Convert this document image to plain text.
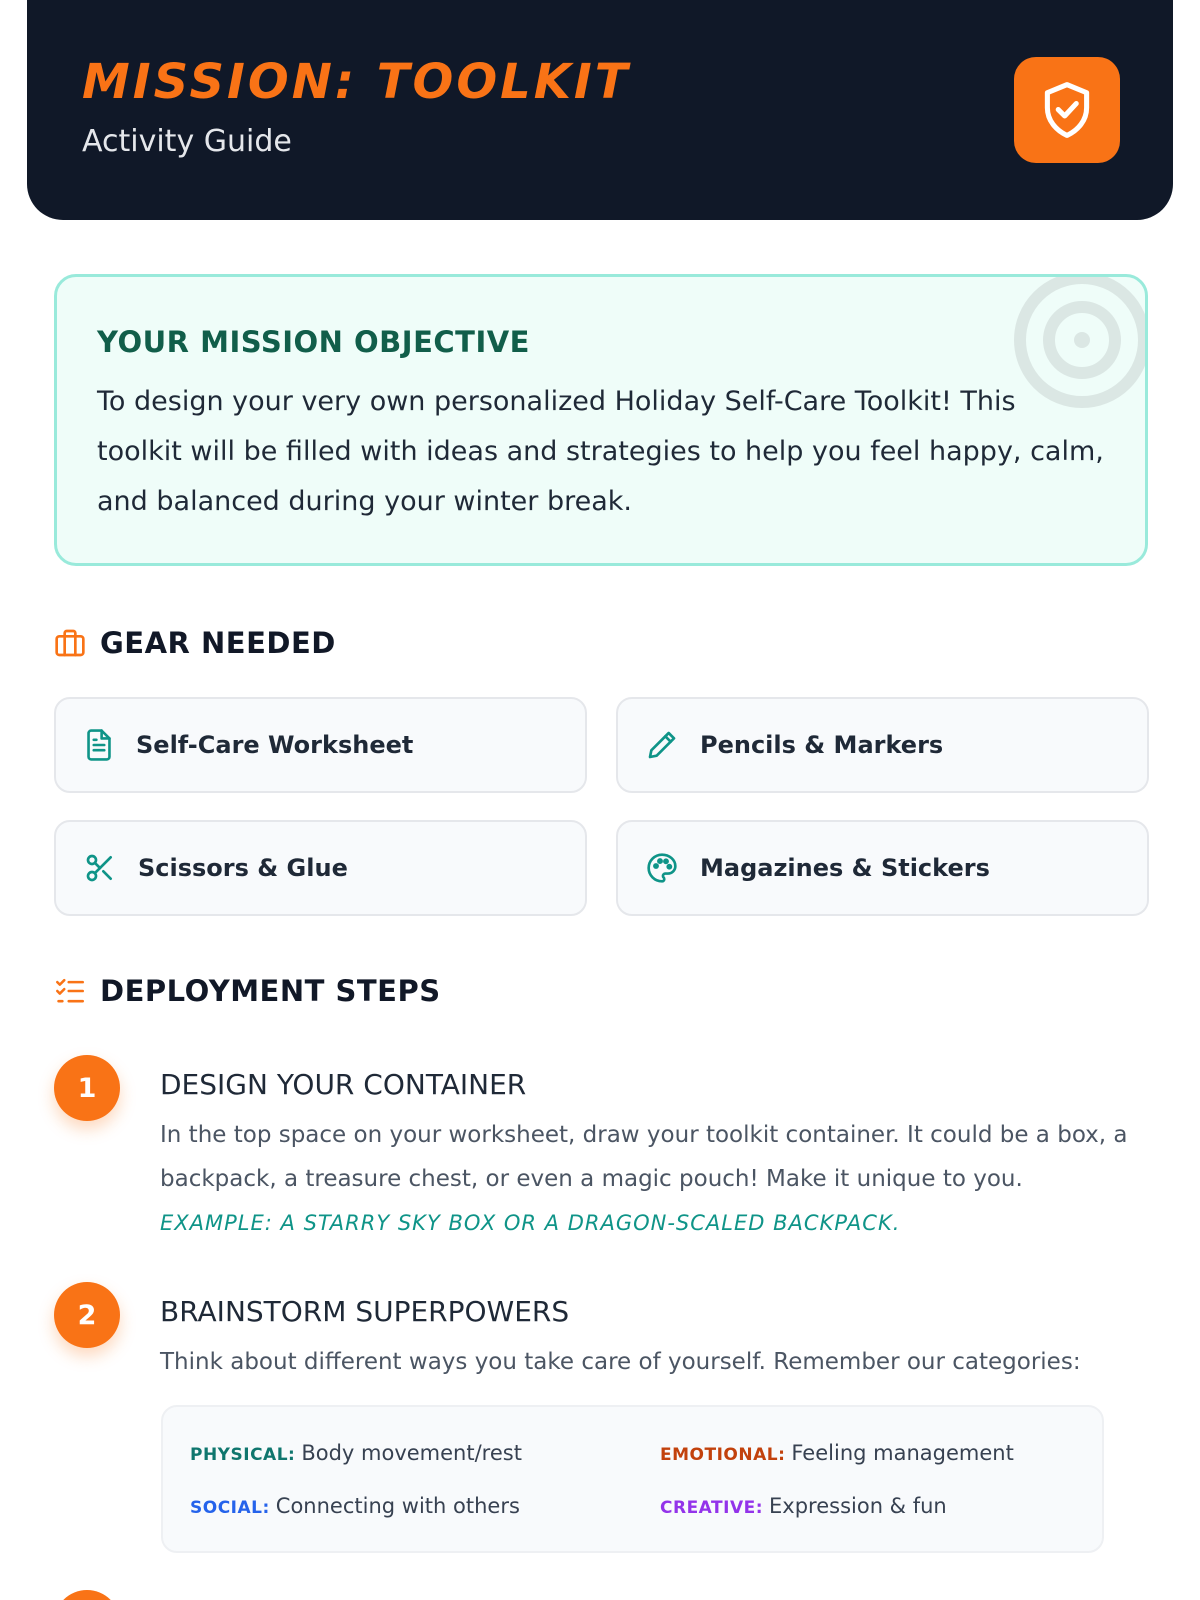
MISSION: TOOLKIT
Activity Guide
YOUR MISSION OBJECTIVE
To design your very own personalized Holiday Self-Care Toolkit! This toolkit will be filled with ideas and strategies to help you feel happy, calm, and balanced during your winter break.
GEAR NEEDED
Self-Care Worksheet	Pencils & Markers
Scissors & Glue	Magazines & Stickers
DEPLOYMENT STEPS
1	DESIGN YOUR CONTAINER
In the top space on your worksheet, draw your toolkit container. It could be a box, a backpack, a treasure chest, or even a magic pouch! Make it unique to you.
EXAMPLE: A STARRY SKY BOX OR A DRAGON-SCALED BACKPACK.
2	BRAINSTORM SUPERPOWERS
Think about different ways you take care of yourself. Remember our categories:
PHYSICAL: Body movement/rest	EMOTIONAL: Feeling management
SOCIAL: Connecting with others	CREATIVE: Expression & fun
